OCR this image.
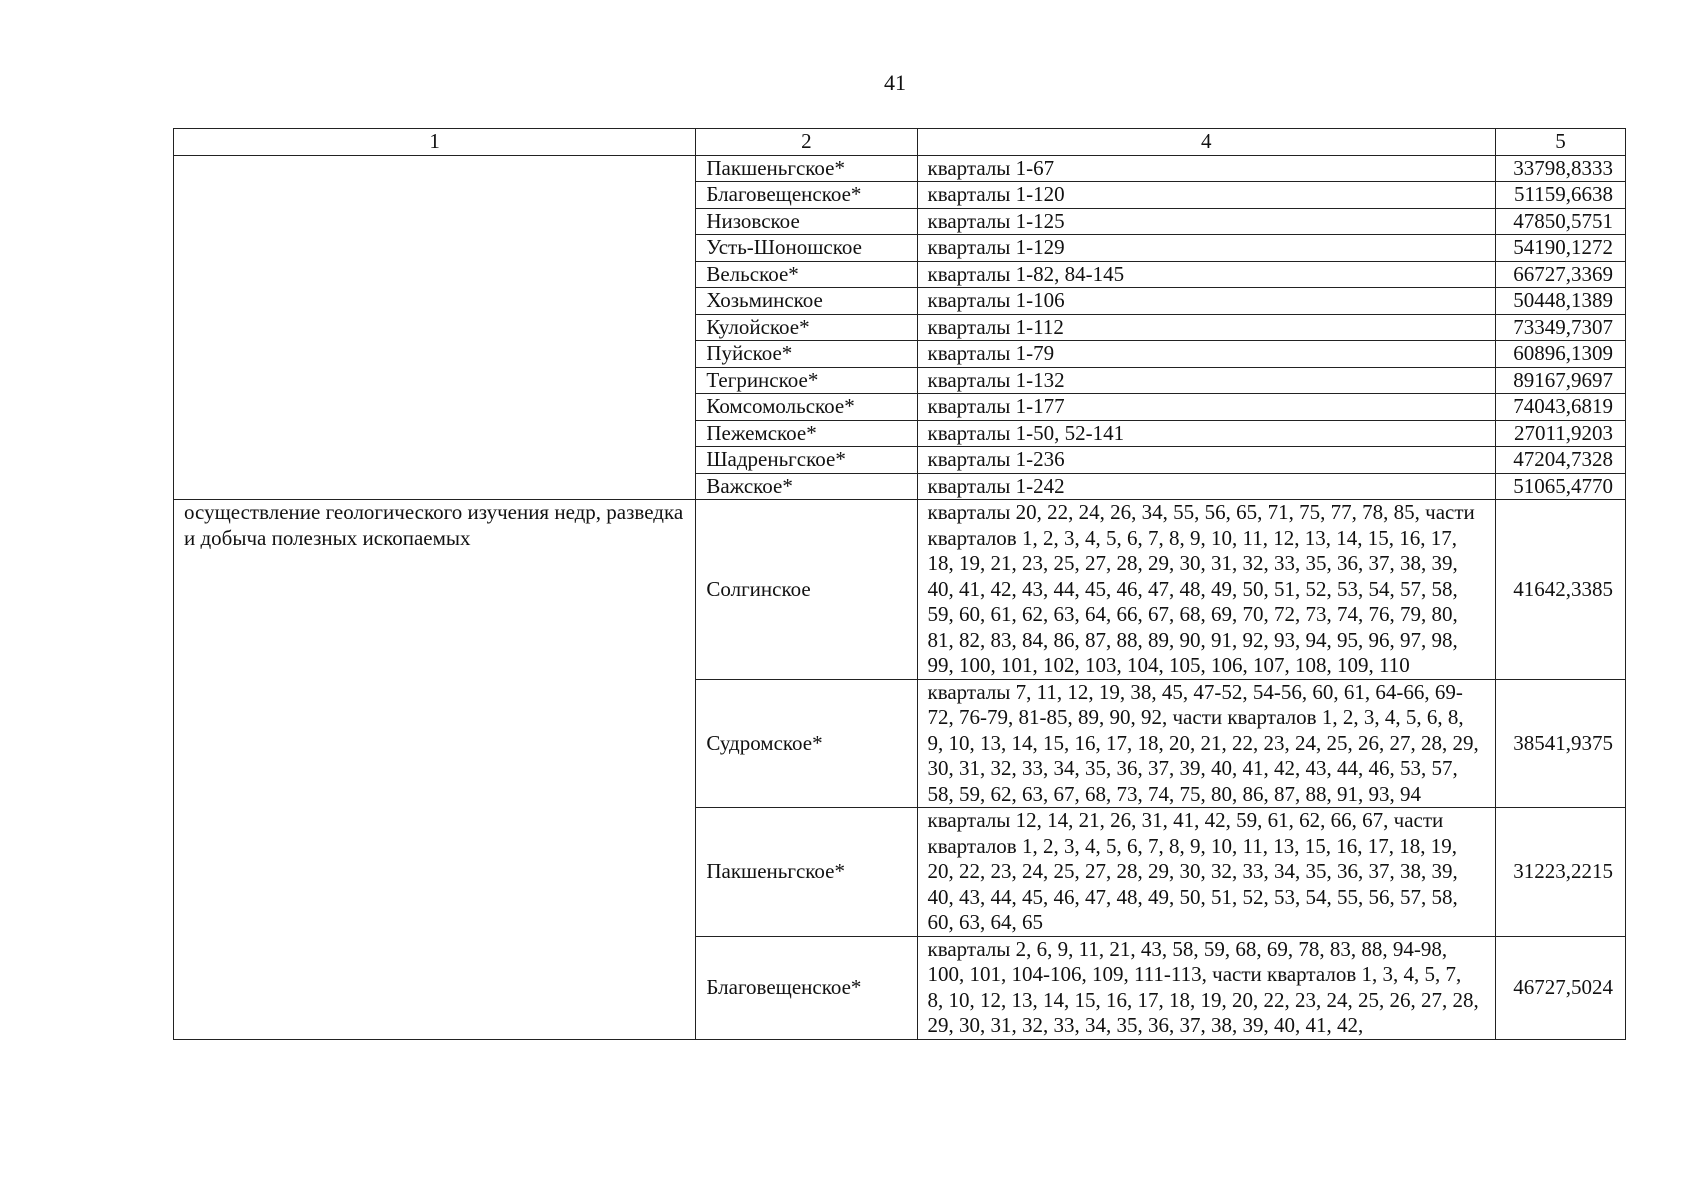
41
1	2	4	5
	Пакшеньгское*	кварталы 1-67	33798,8333
	Благовещенское*	кварталы 1-120	51159,6638
	Низовское	кварталы 1-125	47850,5751
	Усть-Шоношское	кварталы 1-129	54190,1272
	Вельское*	кварталы 1-82, 84-145	66727,3369
	Хозьминское	кварталы 1-106	50448,1389
	Кулойское*	кварталы 1-112	73349,7307
	Пуйское*	кварталы 1-79	60896,1309
	Тегринское*	кварталы 1-132	89167,9697
	Комсомольское*	кварталы 1-177	74043,6819
	Пежемское*	кварталы 1-50, 52-141	27011,9203
	Шадреньгское*	кварталы 1-236	47204,7328
	Важское*	кварталы 1-242	51065,4770
осуществление геологического изучения недр, разведка и добыча полезных ископаемых	Солгинское	кварталы 20, 22, 24, 26, 34, 55, 56, 65, 71, 75, 77, 78, 85, части кварталов 1, 2, 3, 4, 5, 6, 7, 8, 9, 10, 11, 12, 13, 14, 15, 16, 17, 18, 19, 21, 23, 25, 27, 28, 29, 30, 31, 32, 33, 35, 36, 37, 38, 39, 40, 41, 42, 43, 44, 45, 46, 47, 48, 49, 50, 51, 52, 53, 54, 57, 58, 59, 60, 61, 62, 63, 64, 66, 67, 68, 69, 70, 72, 73, 74, 76, 79, 80, 81, 82, 83, 84, 86, 87, 88, 89, 90, 91, 92, 93, 94, 95, 96, 97, 98, 99, 100, 101, 102, 103, 104, 105, 106, 107, 108, 109, 110	41642,3385
	Судромское*	кварталы 7, 11, 12, 19, 38, 45, 47-52, 54-56, 60, 61, 64-66, 69-72, 76-79, 81-85, 89, 90, 92, части кварталов 1, 2, 3, 4, 5, 6, 8, 9, 10, 13, 14, 15, 16, 17, 18, 20, 21, 22, 23, 24, 25, 26, 27, 28, 29, 30, 31, 32, 33, 34, 35, 36, 37, 39, 40, 41, 42, 43, 44, 46, 53, 57, 58, 59, 62, 63, 67, 68, 73, 74, 75, 80, 86, 87, 88, 91, 93, 94	38541,9375
	Пакшеньгское*	кварталы 12, 14, 21, 26, 31, 41, 42, 59, 61, 62, 66, 67, части кварталов 1, 2, 3, 4, 5, 6, 7, 8, 9, 10, 11, 13, 15, 16, 17, 18, 19, 20, 22, 23, 24, 25, 27, 28, 29, 30, 32, 33, 34, 35, 36, 37, 38, 39, 40, 43, 44, 45, 46, 47, 48, 49, 50, 51, 52, 53, 54, 55, 56, 57, 58, 60, 63, 64, 65	31223,2215
	Благовещенское*	кварталы 2, 6, 9, 11, 21, 43, 58, 59, 68, 69, 78, 83, 88, 94-98, 100, 101, 104-106, 109, 111-113, части кварталов 1, 3, 4, 5, 7, 8, 10, 12, 13, 14, 15, 16, 17, 18, 19, 20, 22, 23, 24, 25, 26, 27, 28, 29, 30, 31, 32, 33, 34, 35, 36, 37, 38, 39, 40, 41, 42,	46727,5024
